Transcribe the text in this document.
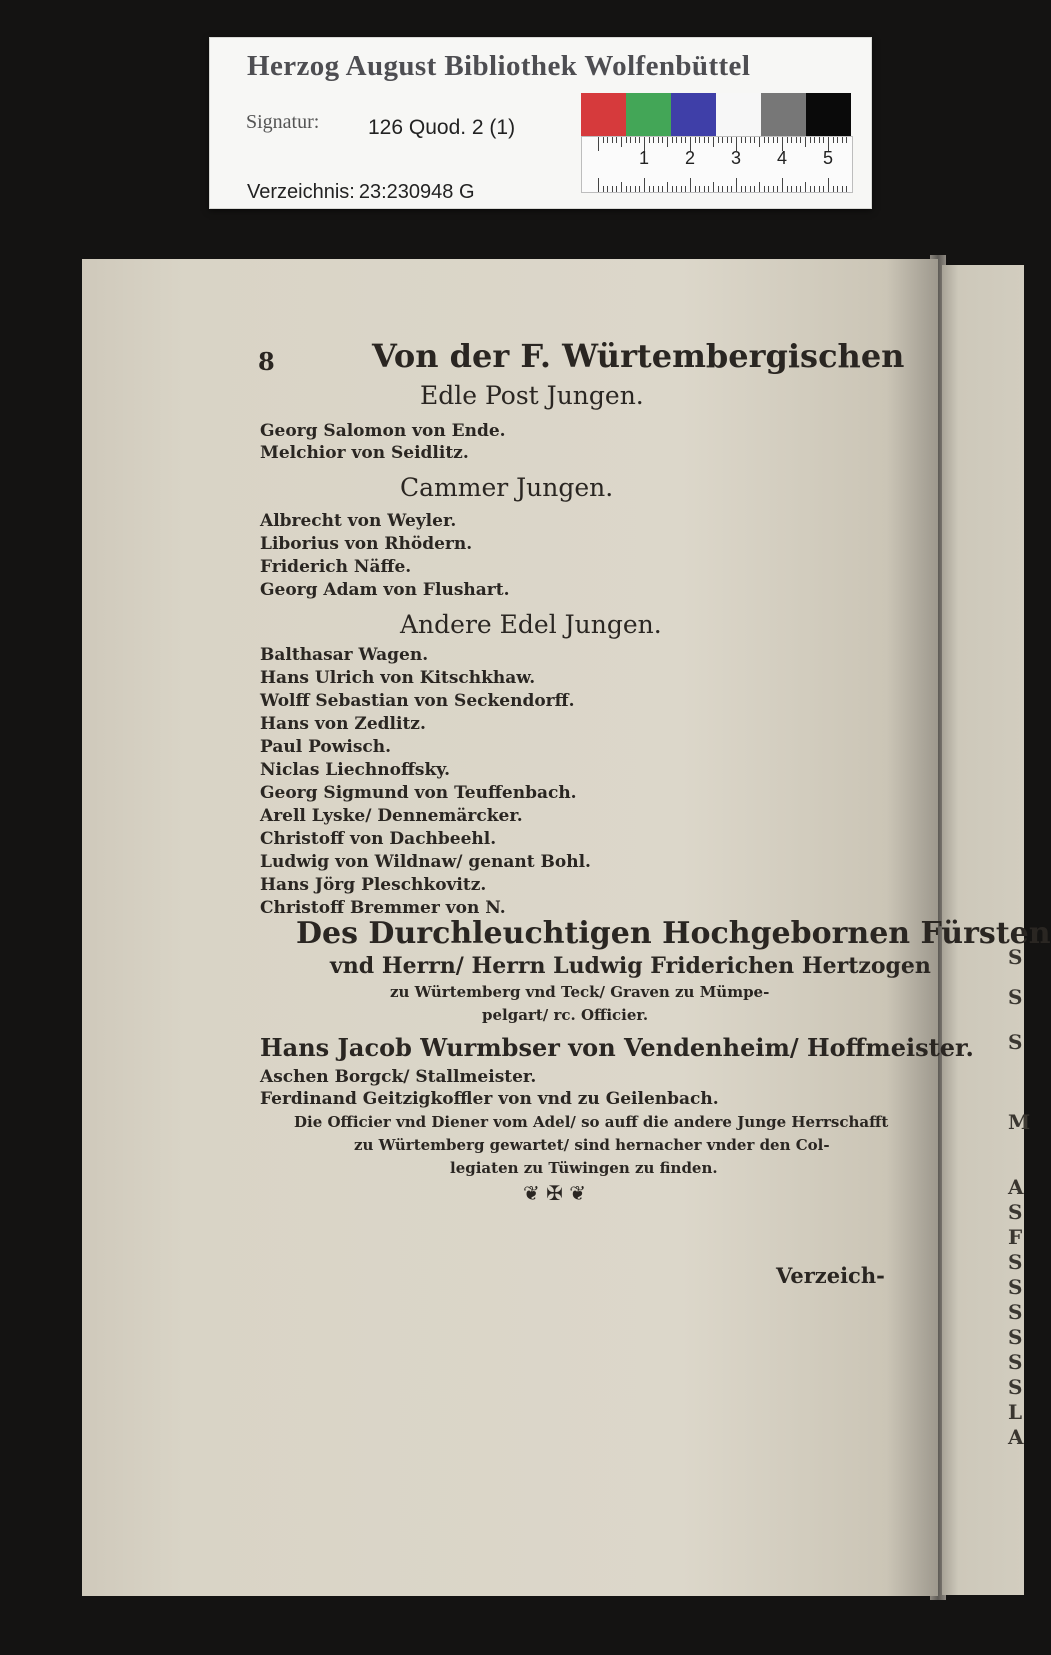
Herzog August Bibliothek Wolfenbüttel
Signatur: 126 Quod. 2 (1)
Verzeichnis: 23:230948 G
1 2 3 4 5
8	Von der F. Würtembergischen
Edle Post Jungen.
Georg Salomon von Ende.
Melchior von Seidlitz.
Cammer Jungen.
Albrecht von Weyler.
Liborius von Rhödern.
Friderich Näffe.
Georg Adam von Flushart.
Andere Edel Jungen.
Balthasar Wagen.
Hans Ulrich von Kitschkhaw.
Wolff Sebastian von Seckendorff.
Hans von Zedlitz.
Paul Powisch.
Niclas Liechnoffsky.
Georg Sigmund von Teuffenbach.
Arell Lyske/ Dennemärcker.
Christoff von Dachbeehl.
Ludwig von Wildnaw/ genant Bohl.
Hans Jörg Pleschkovitz.
Christoff Bremmer von N.
Des Durchleuchtigen Hochgebornen Fürsten
vnd Herrn/ Herrn Ludwig Friderichen Hertzogen
zu Würtemberg vnd Teck/ Graven zu Mümpe-
pelgart/ rc. Officier.
Hans Jacob Wurmbser von Vendenheim/ Hoffmeister.
Aschen Borgck/ Stallmeister.
Ferdinand Geitzigkoffler von vnd zu Geilenbach.
Die Officier vnd Diener vom Adel/ so auff die andere Junge Herrschafft
zu Würtemberg gewartet/ sind hernacher vnder den Col-
legiaten zu Tüwingen zu finden.
❦ ✠ ❦
Verzeich-
S
S
S
M
A
S
F
S
S
S
S
S
S
L
A
